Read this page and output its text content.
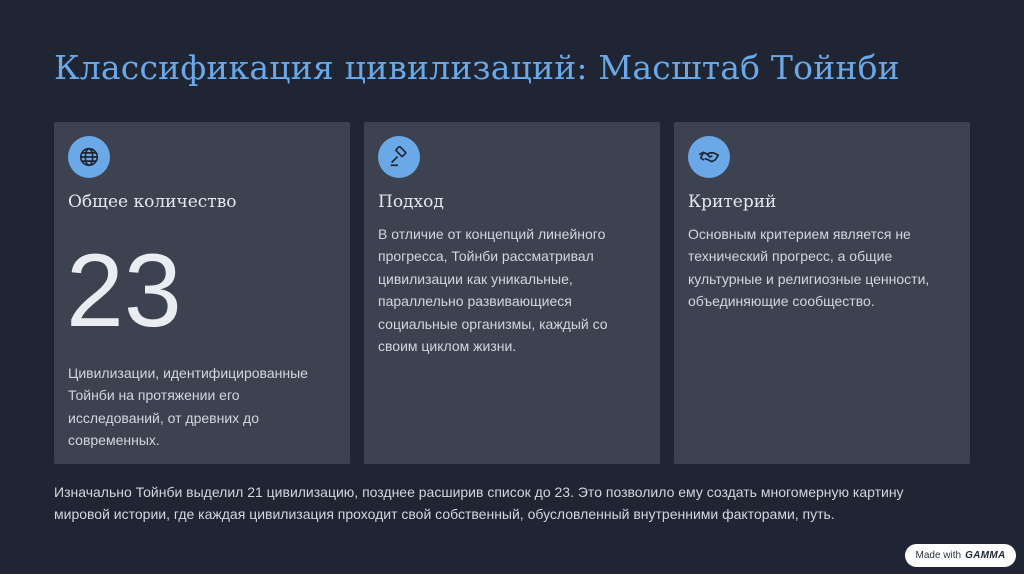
Классификация цивилизаций: Масштаб Тойнби
Общее количество
23
Цивилизации, идентифицированные Тойнби на протяжении его исследований, от древних до современных.
Подход
В отличие от концепций линейного прогресса, Тойнби рассматривал цивилизации как уникальные, параллельно развивающиеся социальные организмы, каждый со своим циклом жизни.
Критерий
Основным критерием является не технический прогресс, а общие культурные и религиозные ценности, объединяющие сообщество.
Изначально Тойнби выделил 21 цивилизацию, позднее расширив список до 23. Это позволило ему создать многомерную картину мировой истории, где каждая цивилизация проходит свой собственный, обусловленный внутренними факторами, путь.
Made with GAMMA
